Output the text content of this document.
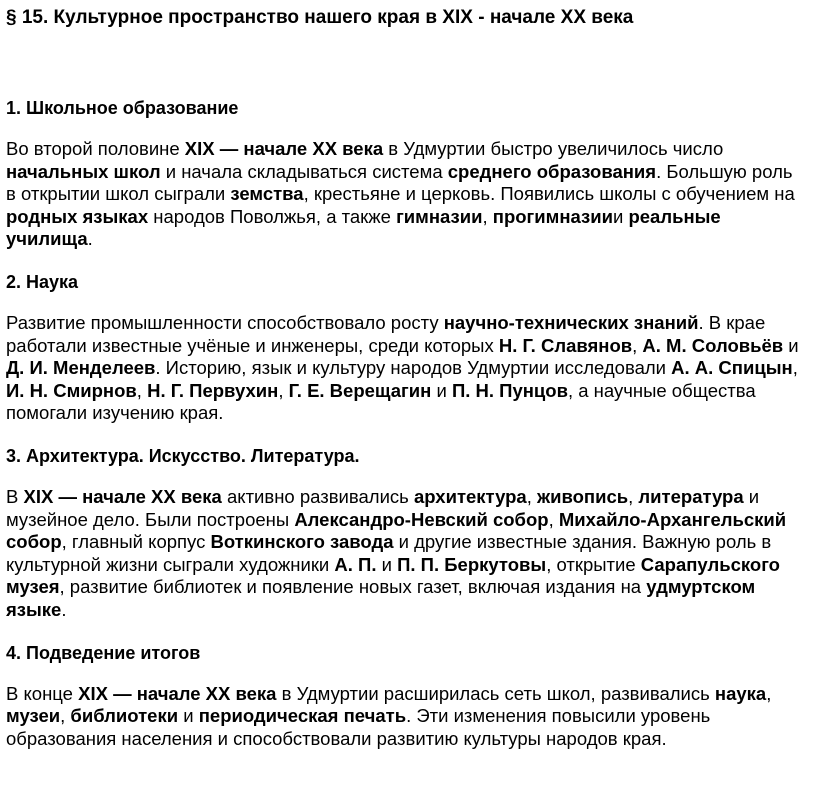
§ 15. Культурное пространство нашего края в XIX - начале XX века
1. Школьное образование
Во второй половине XIX — начале XX века в Удмуртии быстро увеличилось число начальных школ и начала складываться система среднего образования. Большую роль в открытии школ сыграли земства, крестьяне и церковь. Появились школы с обучением на родных языках народов Поволжья, а также гимназии, прогимназиии реальные училища.
2. Наука
Развитие промышленности способствовало росту научно-технических знаний. В крае работали известные учёные и инженеры, среди которых Н. Г. Славянов, А. М. Соловьёв и Д. И. Менделеев. Историю, язык и культуру народов Удмуртии исследовали А. А. Спицын, И. Н. Смирнов, Н. Г. Первухин, Г. Е. Верещагин и П. Н. Пунцов, а научные общества помогали изучению края.
3. Архитектура. Искусство. Литература.
В XIX — начале XX века активно развивались архитектура, живопись, литература и музейное дело. Были построены Александро-Невский собор, Михайло-Архангельский собор, главный корпус Воткинского завода и другие известные здания. Важную роль в культурной жизни сыграли художники А. П. и П. П. Беркутовы, открытие Сарапульского музея, развитие библиотек и появление новых газет, включая издания на удмуртском языке.
4. Подведение итогов
В конце XIX — начале XX века в Удмуртии расширилась сеть школ, развивались наука, музеи, библиотеки и периодическая печать. Эти изменения повысили уровень образования населения и способствовали развитию культуры народов края.
